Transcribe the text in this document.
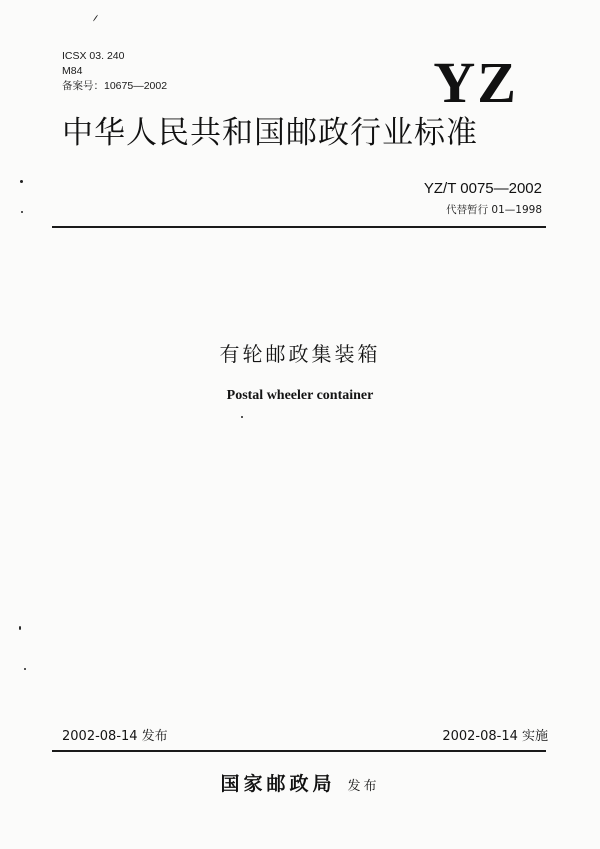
ICSX 03. 240
M84
备案号：10675—2002	YZ
中华人民共和国邮政行业标准
YZ/T 0075—2002
代替暂行 01—1998
有轮邮政集装箱
Postal wheeler container
2002-08-14 发布	2002-08-14 实施
国家邮政局 发布
